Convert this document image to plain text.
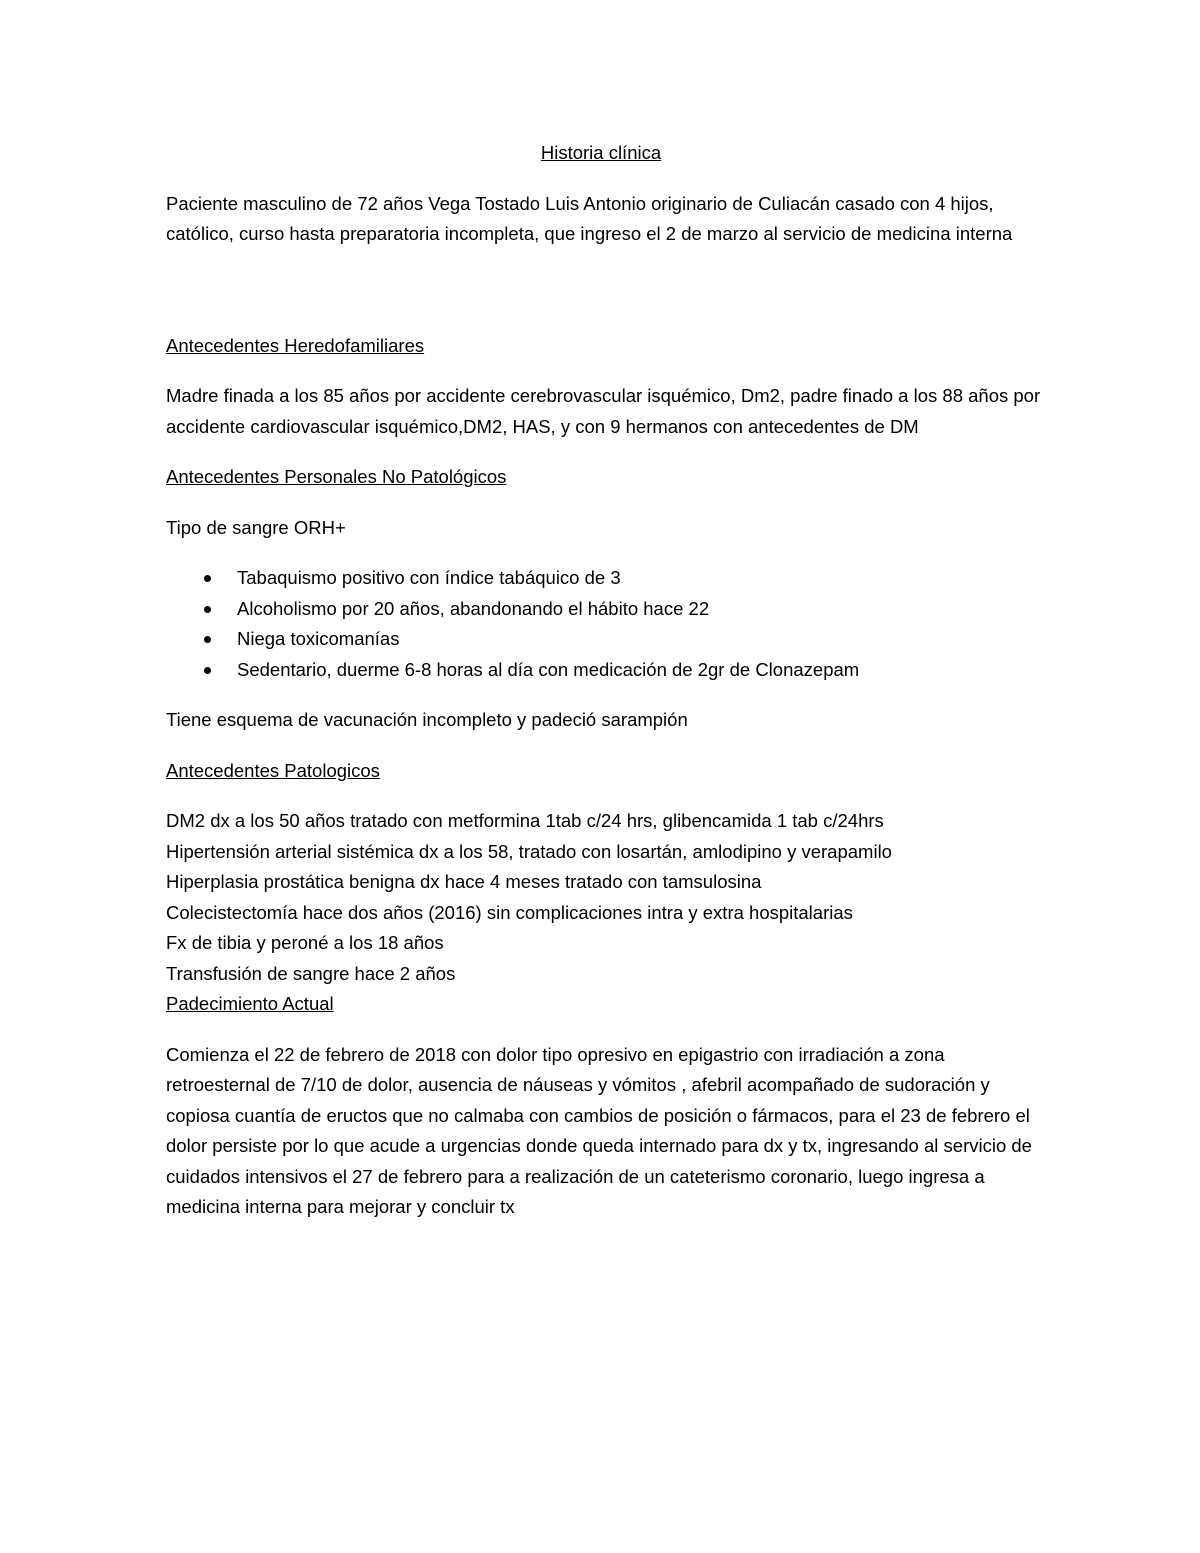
Historia clínica

Paciente masculino de 72 años Vega Tostado Luis Antonio originario de Culiacán casado con 4 hijos, católico, curso hasta preparatoria incompleta, que ingreso el 2 de marzo al servicio de medicina interna

Antecedentes Heredofamiliares

Madre finada a los 85 años por accidente cerebrovascular isquémico, Dm2, padre finado a los 88 años por accidente cardiovascular isquémico,DM2, HAS, y con 9 hermanos con antecedentes de DM

Antecedentes Personales No Patológicos

Tipo de sangre ORH+

Tabaquismo positivo con índice tabáquico de 3
Alcoholismo por 20 años, abandonando el hábito hace 22
Niega toxicomanías
Sedentario, duerme 6-8 horas al día con medicación de 2gr de Clonazepam

Tiene esquema de vacunación incompleto y padeció sarampión

Antecedentes Patologicos

DM2 dx a los 50 años tratado con metformina 1tab c/24 hrs, glibencamida 1 tab c/24hrs

Hipertensión arterial sistémica dx a los 58, tratado con losartán, amlodipino y verapamilo

Hiperplasia prostática benigna dx hace 4 meses tratado con tamsulosina

Colecistectomía hace dos años (2016) sin complicaciones intra y extra hospitalarias

Fx de tibia y peroné a los 18 años

Transfusión de sangre hace 2 años

Padecimiento Actual

Comienza el 22 de febrero de 2018 con dolor tipo opresivo en epigastrio con irradiación a zona retroesternal de 7/10 de dolor, ausencia de náuseas y vómitos , afebril acompañado de sudoración y copiosa cuantía de eructos que no calmaba con cambios de posición o fármacos, para el 23 de febrero el dolor persiste por lo que acude a urgencias donde queda internado para dx y tx, ingresando al servicio de cuidados intensivos el 27 de febrero para a realización de un cateterismo coronario, luego ingresa a medicina interna para mejorar y concluir tx
